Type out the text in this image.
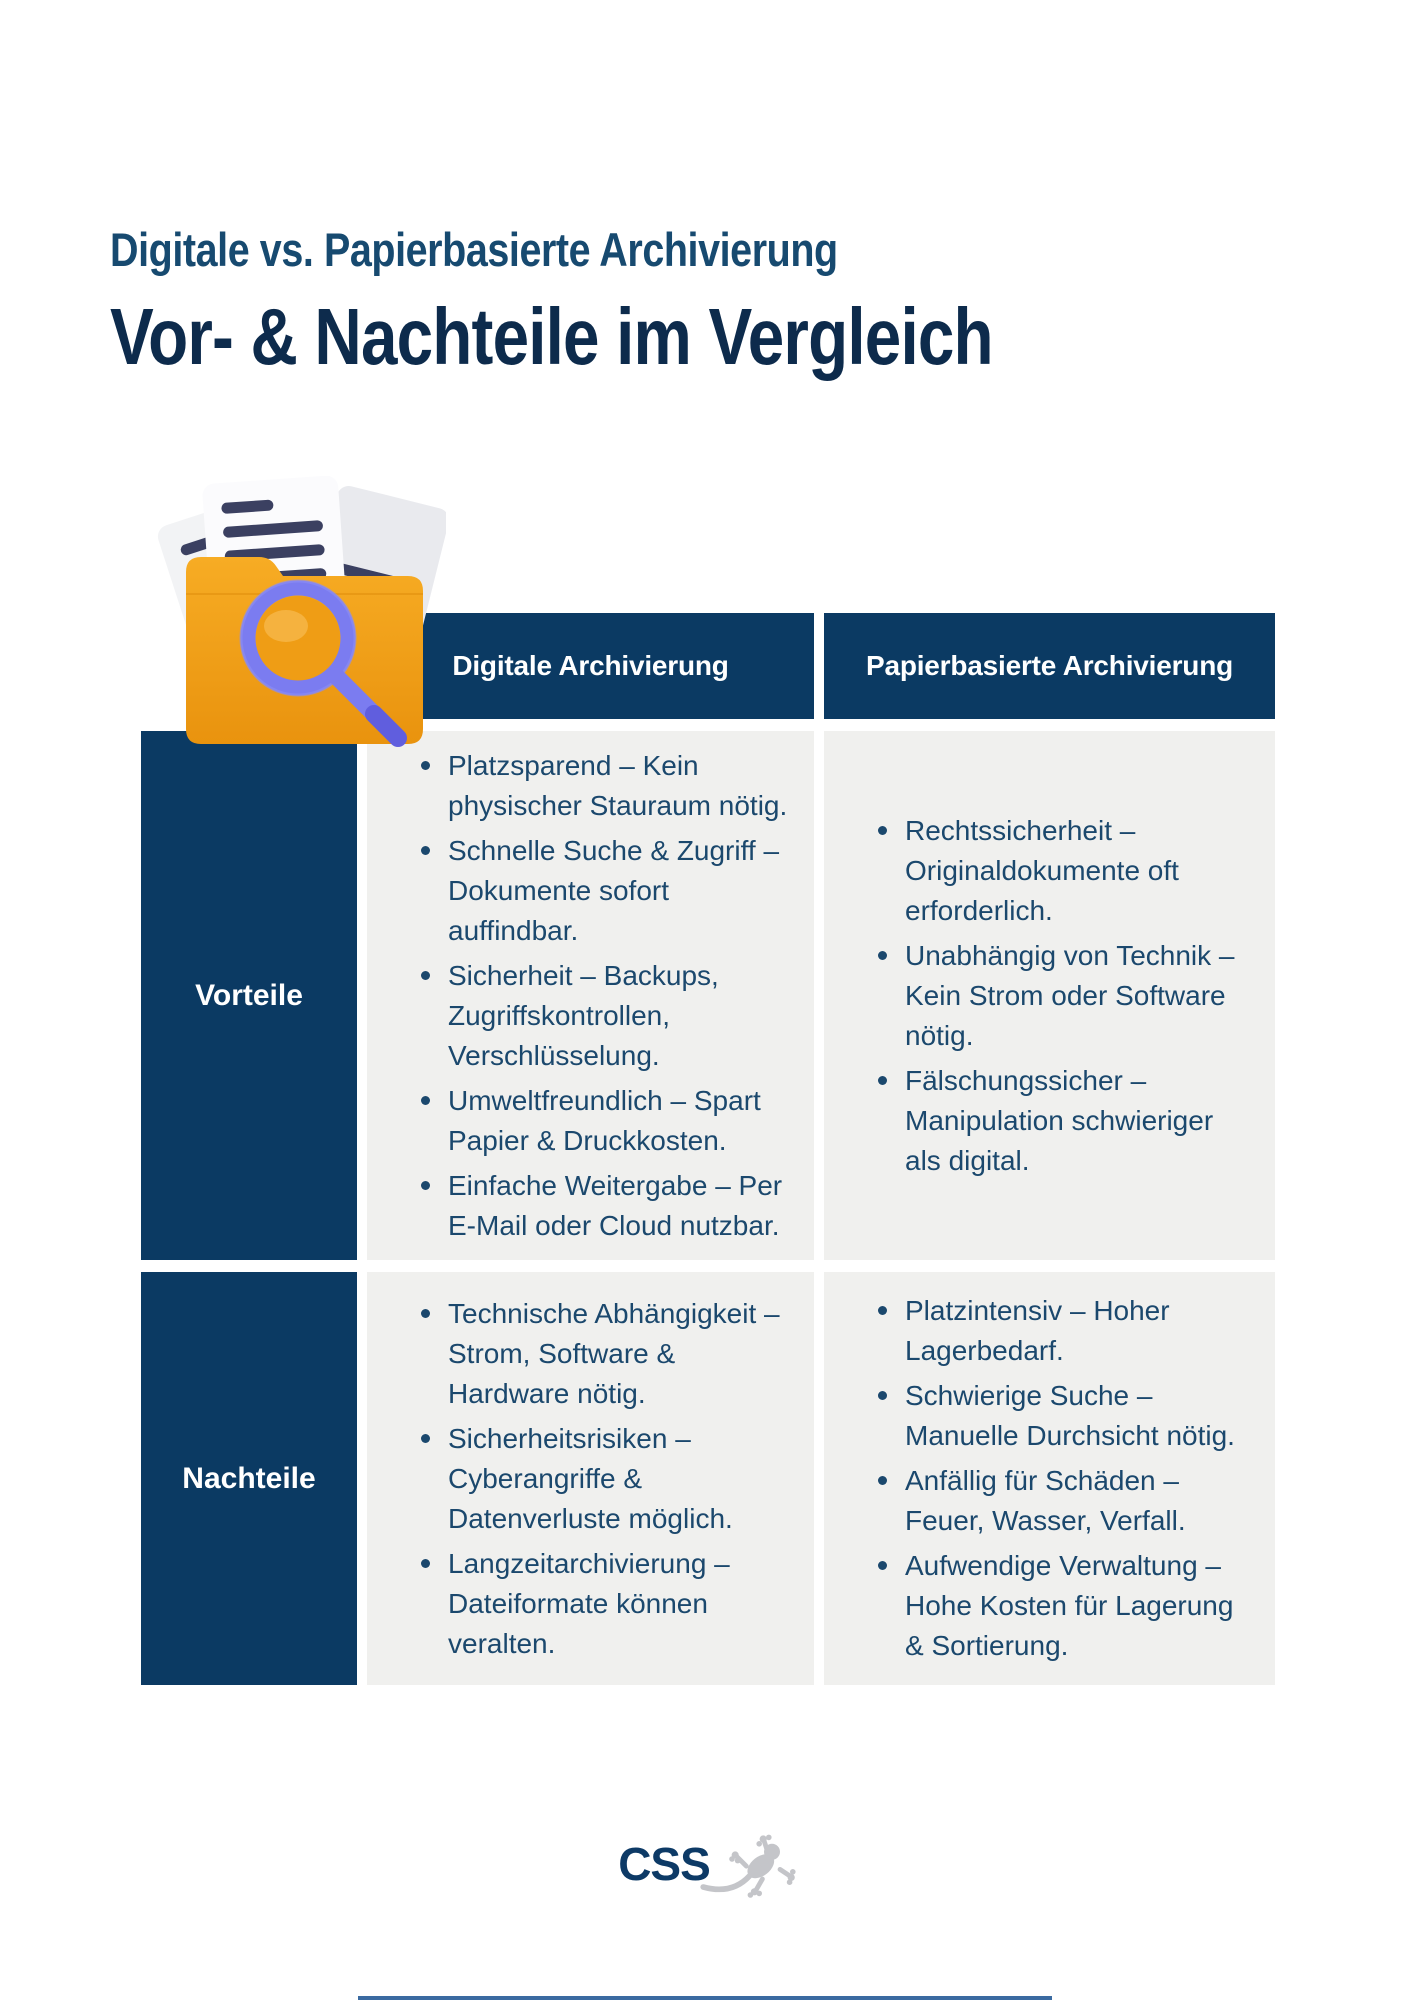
Digitale vs. Papierbasierte Archivierung
Vor- & Nachteile im Vergleich
Digitale Archivierung	Papierbasierte Archivierung
Vorteile
Platzsparend – Kein physischer Stauraum nötig.
Schnelle Suche & Zugriff – Dokumente sofort auffindbar.
Sicherheit – Backups, Zugriffskontrollen, Verschlüsselung.
Umweltfreundlich – Spart Papier & Druckkosten.
Einfache Weitergabe – Per E-Mail oder Cloud nutzbar.
Rechtssicherheit – Originaldokumente oft erforderlich.
Unabhängig von Technik – Kein Strom oder Software nötig.
Fälschungssicher – Manipulation schwieriger als digital.
Nachteile
Technische Abhängigkeit – Strom, Software & Hardware nötig.
Sicherheitsrisiken – Cyberangriffe & Datenverluste möglich.
Langzeitarchivierung – Dateiformate können veralten.
Platzintensiv – Hoher Lagerbedarf.
Schwierige Suche – Manuelle Durchsicht nötig.
Anfällig für Schäden – Feuer, Wasser, Verfall.
Aufwendige Verwaltung – Hohe Kosten für Lagerung & Sortierung.
CSS
